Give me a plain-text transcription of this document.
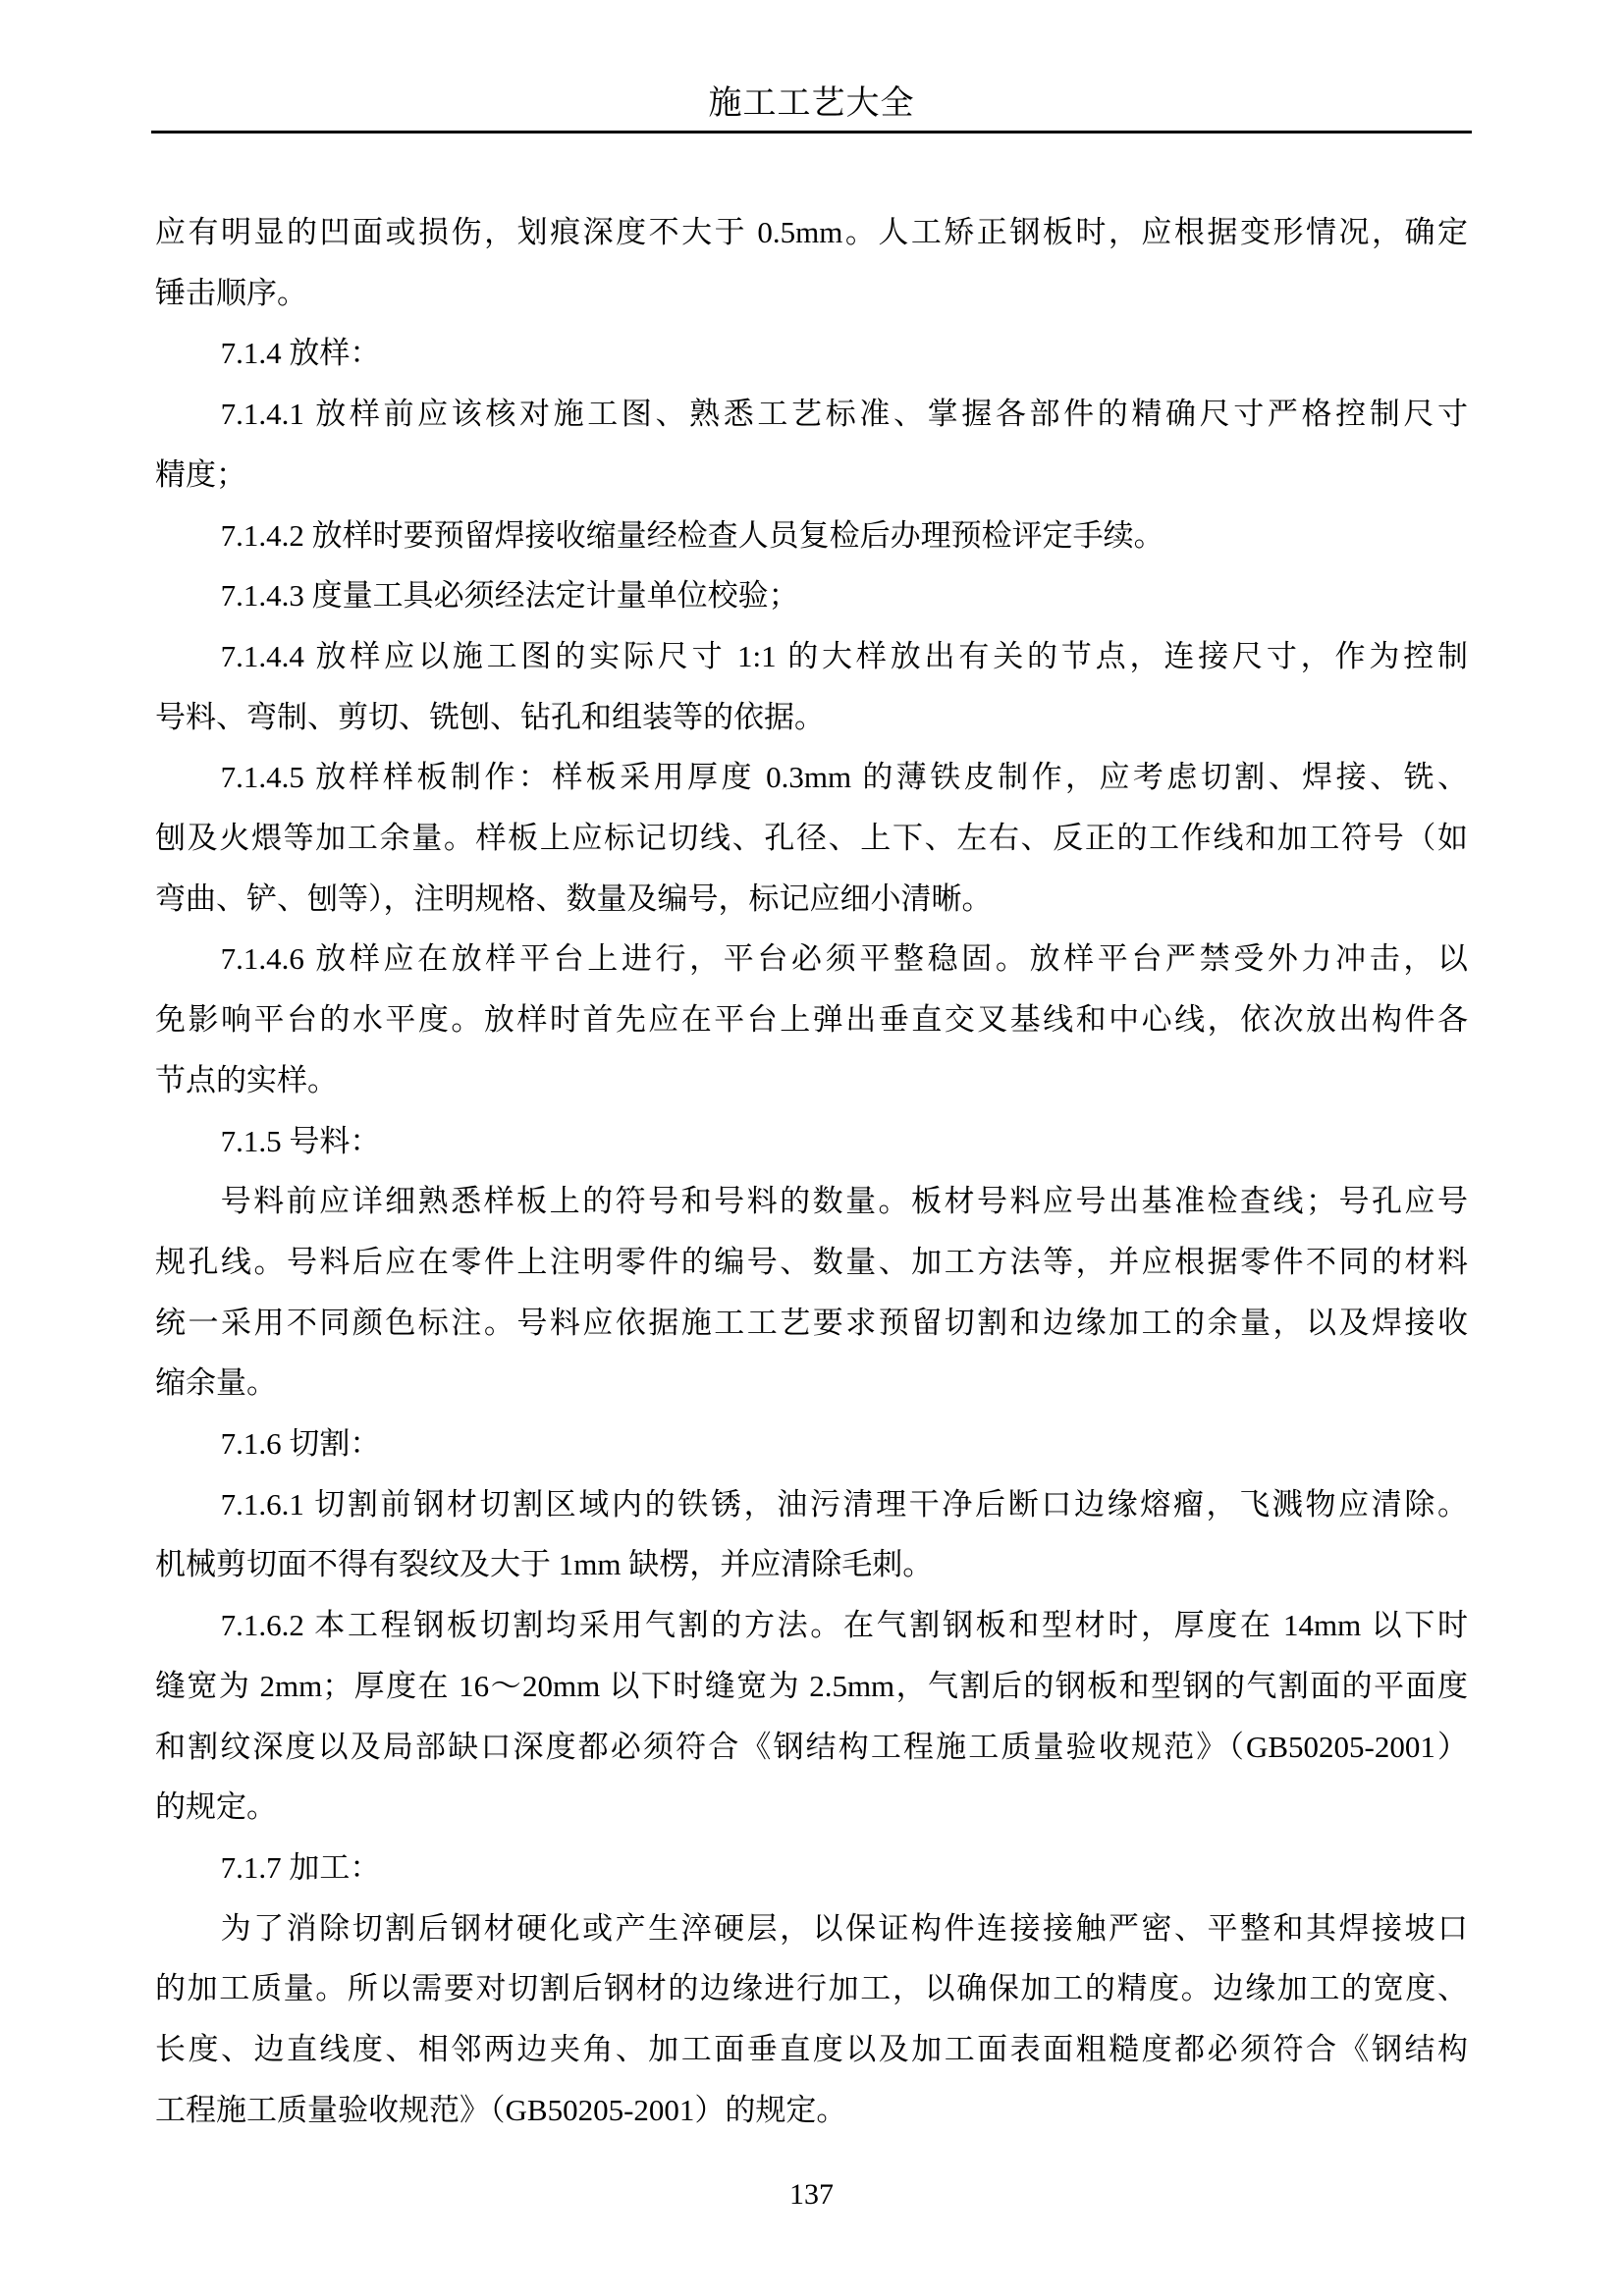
施工工艺大全
应有明显的凹面或损伤，划痕深度不大于 0.5mm。人工矫正钢板时，应根据变形情况，确定
锤击顺序。
7.1.4 放样：
7.1.4.1 放样前应该核对施工图、熟悉工艺标准、掌握各部件的精确尺寸严格控制尺寸
精度；
7.1.4.2 放样时要预留焊接收缩量经检查人员复检后办理预检评定手续。
7.1.4.3 度量工具必须经法定计量单位校验；
7.1.4.4 放样应以施工图的实际尺寸 1:1 的大样放出有关的节点，连接尺寸，作为控制
号料、弯制、剪切、铣刨、钻孔和组装等的依据。
7.1.4.5 放样样板制作：样板采用厚度 0.3mm 的薄铁皮制作，应考虑切割、焊接、铣、
刨及火煨等加工余量。样板上应标记切线、孔径、上下、左右、反正的工作线和加工符号（如
弯曲、铲、刨等），注明规格、数量及编号，标记应细小清晰。
7.1.4.6 放样应在放样平台上进行，平台必须平整稳固。放样平台严禁受外力冲击，以
免影响平台的水平度。放样时首先应在平台上弹出垂直交叉基线和中心线，依次放出构件各
节点的实样。
7.1.5 号料：
号料前应详细熟悉样板上的符号和号料的数量。板材号料应号出基准检查线；号孔应号
规孔线。号料后应在零件上注明零件的编号、数量、加工方法等，并应根据零件不同的材料
统一采用不同颜色标注。号料应依据施工工艺要求预留切割和边缘加工的余量，以及焊接收
缩余量。
7.1.6 切割：
7.1.6.1 切割前钢材切割区域内的铁锈，油污清理干净后断口边缘熔瘤，飞溅物应清除。
机械剪切面不得有裂纹及大于 1mm 缺楞，并应清除毛刺。
7.1.6.2 本工程钢板切割均采用气割的方法。在气割钢板和型材时，厚度在 14mm 以下时
缝宽为 2mm；厚度在 16～20mm 以下时缝宽为 2.5mm，气割后的钢板和型钢的气割面的平面度
和割纹深度以及局部缺口深度都必须符合《钢结构工程施工质量验收规范》（GB50205-2001）
的规定。
7.1.7 加工：
为了消除切割后钢材硬化或产生淬硬层，以保证构件连接接触严密、平整和其焊接坡口
的加工质量。所以需要对切割后钢材的边缘进行加工，以确保加工的精度。边缘加工的宽度、
长度、边直线度、相邻两边夹角、加工面垂直度以及加工面表面粗糙度都必须符合《钢结构
工程施工质量验收规范》（GB50205-2001）的规定。
137
